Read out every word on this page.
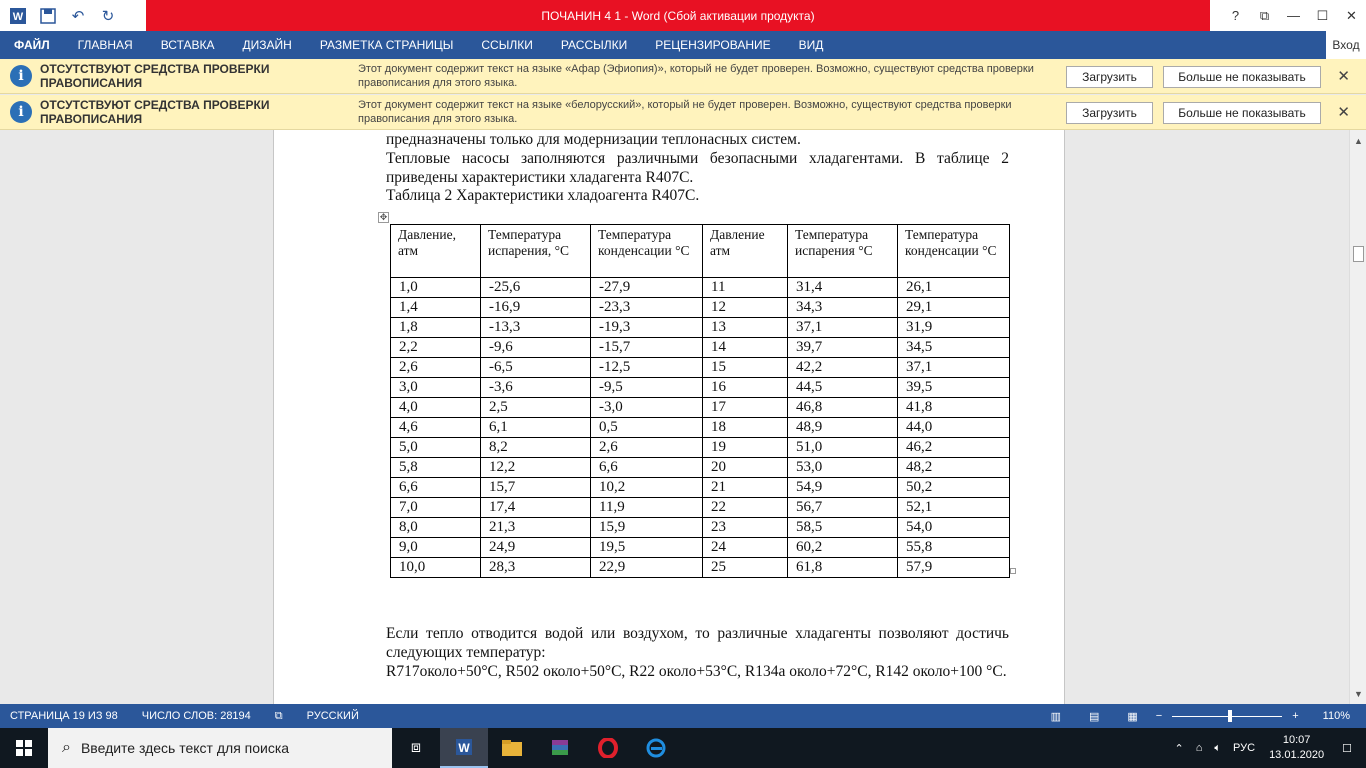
W	↶	↻	ПОЧАНИН 4 1 - Word (Сбой активации продукта)	?	⧉	—	☐	✕
ФАЙЛ	ГЛАВНАЯ	ВСТАВКА	ДИЗАЙН	РАЗМЕТКА СТРАНИЦЫ	ССЫЛКИ	РАССЫЛКИ	РЕЦЕНЗИРОВАНИЕ	ВИД	Вход
i	ОТСУТСТВУЮТ СРЕДСТВА ПРОВЕРКИ ПРАВОПИСАНИЯ
Этот документ содержит текст на языке «Афар (Эфиопия)», который не будет проверен. Возможно, существуют средства проверки правописания для этого языка.	Загрузить	Больше не показывать	✕
i	ОТСУТСТВУЮТ СРЕДСТВА ПРОВЕРКИ ПРАВОПИСАНИЯ
Этот документ содержит текст на языке «белорусский», который не будет проверен. Возможно, существуют средства проверки правописания для этого языка.	Загрузить	Больше не показывать	✕
предназначены только для модернизации теплонасных систем.
Тепловые насосы заполняются различными безопасными хладагентами. В таблице 2 приведены характеристики хладагента R407C.
Таблица 2 Характеристики хладоагента R407C.
✥
Давление, атм	Температура испарения, °С	Температура конденсации °С	Давление атм	Температура испарения °С	Температура конденсации °С
1,0	-25,6	-27,9	11	31,4	26,1
1,4	-16,9	-23,3	12	34,3	29,1
1,8	-13,3	-19,3	13	37,1	31,9
2,2	-9,6	-15,7	14	39,7	34,5
2,6	-6,5	-12,5	15	42,2	37,1
3,0	-3,6	-9,5	16	44,5	39,5
4,0	2,5	-3,0	17	46,8	41,8
4,6	6,1	0,5	18	48,9	44,0
5,0	8,2	2,6	19	51,0	46,2
5,8	12,2	6,6	20	53,0	48,2
6,6	15,7	10,2	21	54,9	50,2
7,0	17,4	11,9	22	56,7	52,1
8,0	21,3	15,9	23	58,5	54,0
9,0	24,9	19,5	24	60,2	55,8
10,0	28,3	22,9	25	61,8	57,9
Если тепло отводится водой или воздухом, то различные хладагенты позволяют достичь следующих температур:
R717около+50°С, R502 около+50°С, R22 около+53°С, R134a около+72°С, R142 около+100 °С.
▲
▼
СТРАНИЦА 19 ИЗ 98 ЧИСЛО СЛОВ: 28194 ⧉ РУССКИЙ	▥	▤	▦ −	+ 110%
⌕ Введите здесь текст для поиска	⧈	W	⌃ ⌂ 🔈︎ РУС
10:07
13.01.2020
☐
